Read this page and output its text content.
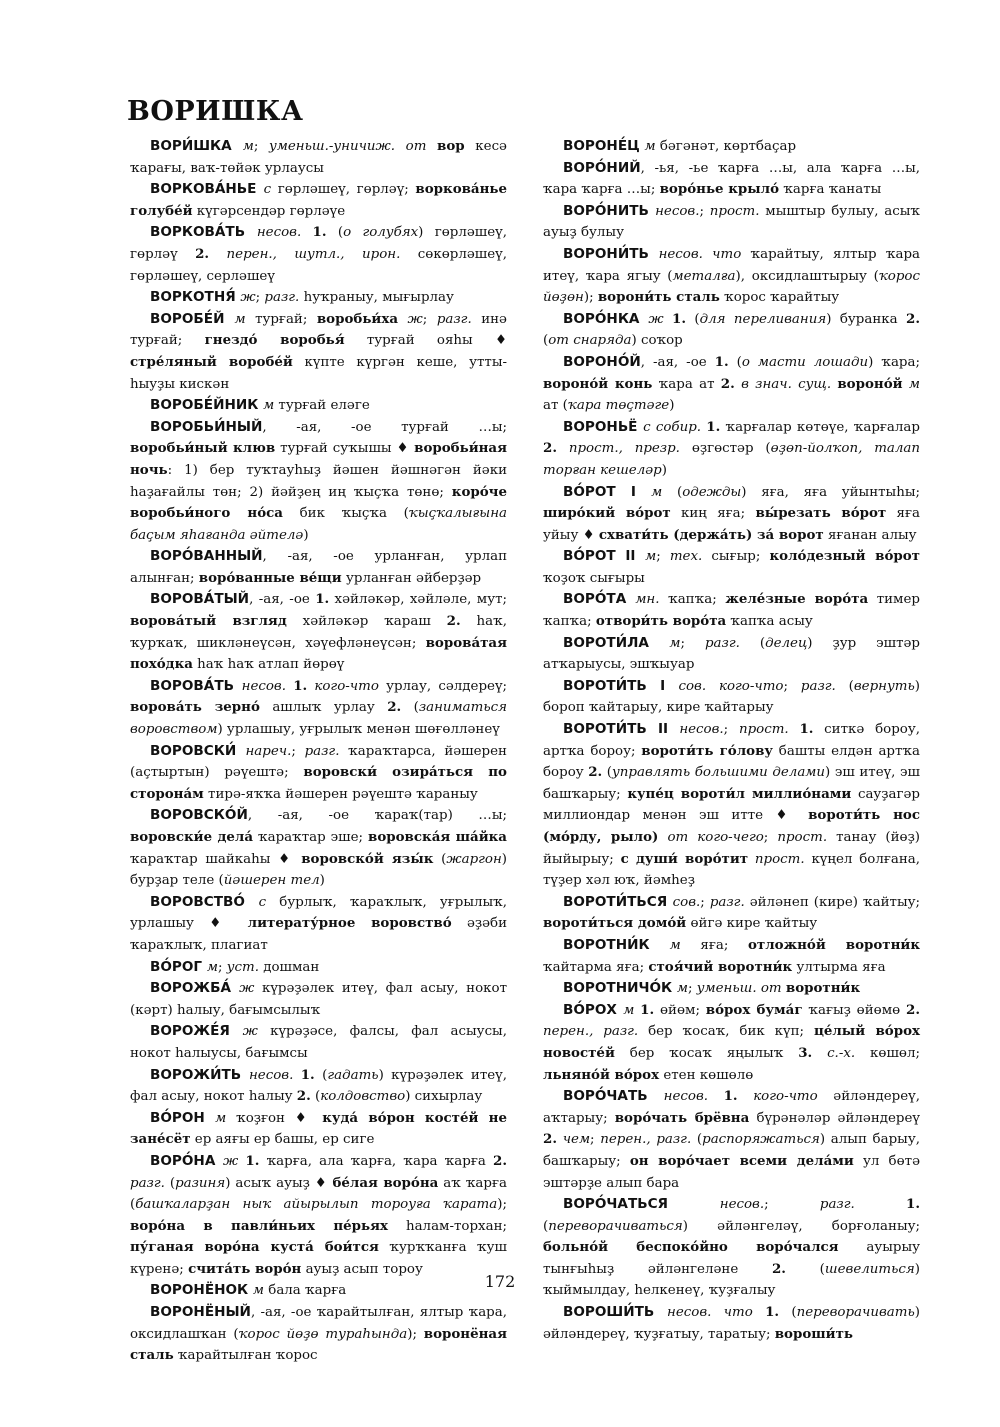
ВОРИШКА

ВОРИ́ШКА м; уменьш.-уничиж. от вор кесә ҡарағы, ваҡ-төйәк урлаусы

ВОРКОВА́НЬЕ с гөрләшеү, гөрләү; воркова́нье голубе́й күгәрсендәр гөрләүе

ВОРКОВА́ТЬ несов. 1. (о голубях) гөрләшеү, гөрләү 2. перен., шутл., ирон. сөкөрләшеү, гөрләшеү, серләшеү

ВОРКОТНЯ́ ж; разг. һуҡраныу, мығырлау

ВОРОБЕ́Й м турғай; воробьи́ха ж; разг. инә турғай; гнездо́ воробья́ турғай ояһы ♦ стре́ляный воробе́й күпте күргән кеше, утты-һыуҙы кискән

ВОРОБЕ́ЙНИК м турғай еләге

ВОРОБЬИ́НЫЙ, -ая, -ое турғай …ы; воробьи́ный клюв турғай суҡышы ♦ воробьи́ная ночь: 1) бер туҡтауһыҙ йәшен йәшнәгән йәки һаҙағайлы төн; 2) йәйҙең иң ҡыҫҡа төнө; коро́че воробьи́ного но́са бик ҡыҫҡа (ҡыҫҡалығына баҫым яһағанда әйтелә)

ВОРО́ВАННЫЙ, -ая, -ое урланған, урлап алынған; воро́ванные ве́щи урланған әйберҙәр

ВОРОВА́ТЫЙ, -ая, -ое 1. хәйләкәр, хәйләле, мут; ворова́тый взгляд хәйләкәр ҡараш 2. һаҡ, ҡурҡаҡ, шикләнеүсән, хәүефләнеүсән; ворова́тая похо́дка һаҡ һаҡ атлап йөрөү

ВОРОВА́ТЬ несов. 1. кого-что урлау, сәлдереү; ворова́ть зерно́ ашлыҡ урлау 2. (заниматься воровством) урлашыу, уғрылыҡ менән шөғөлләнеү

ВОРОВСКИ́ нареч.; разг. ҡараҡтарса, йәшерен (аҫтыртын) рәүештә; воровски́ озира́ться по сторона́м тирә-яҡҡа йәшерен рәүештә ҡараныу

ВОРОВСКО́Й, -ая, -ое ҡараҡ(тар) …ы; воровски́е дела́ ҡараҡтар эше; воровска́я ша́йка ҡараҡтар шайкаһы ♦ воровско́й язы́к (жаргон) бурҙар теле (йәшерен тел)

ВОРОВСТВО́ с бурлыҡ, ҡараҡлыҡ, уғрылыҡ, урлашыу ♦ литерату́рное воровство́ әҙәби ҡараҡлыҡ, плагиат

ВО́РОГ м; уст. дошман

ВОРОЖБА́ ж күрәҙәлек итеү, фал асыу, нокот (кәрт) һалыу, бағымсылыҡ

ВОРОЖЕ́Я ж күрәҙәсе, фалсы, фал асыусы, нокот һалыусы, бағымсы

ВОРОЖИ́ТЬ несов. 1. (гадать) күрәҙәлек итеү, фал асыу, нокот һалыу 2. (колдовство) сихырлау

ВО́РОН м ҡоҙғон ♦ куда́ во́рон косте́й не зане́сёт ер аяғы ер башы, ер сиге

ВОРО́НА ж 1. ҡарға, ала ҡарға, ҡара ҡарға 2. разг. (разиня) асыҡ ауыҙ ♦ бе́лая воро́на аҡ ҡарға (башҡаларҙан ныҡ айырылып тороуға ҡарата); воро́на в павли́ньих пе́рьях һалам-торхан; пу́ганая воро́на куста́ бои́тся ҡурҡҡанға ҡуш күренә; счита́ть воро́н ауыҙ асып тороу

ВОРОНЁНОК м бала ҡарға

ВОРОНЁНЫЙ, -ая, -ое ҡарайтылған, ялтыр ҡара, оксидлашҡан (ҡорос йөҙө тураһында); воронёная сталь ҡарайтылған ҡорос

ВОРОНЕ́Ц м бәгәнәт, көртбаҫар

ВОРО́НИЙ, -ья, -ье ҡарға …ы, ала ҡарға …ы, ҡара ҡарға …ы; воро́нье крыло́ ҡарға ҡанаты

ВОРО́НИТЬ несов.; прост. мыштыр булыу, асыҡ ауыҙ булыу

ВОРОНИ́ТЬ несов. что ҡарайтыу, ялтыр ҡара итеү, ҡара ягыу (металға), оксидлаштырыу (ҡорос йөҙөн); ворони́ть сталь ҡорос ҡарайтыу

ВОРО́НКА ж 1. (для переливания) буранка 2. (от снаряда) соҡор

ВОРОНО́Й, -ая, -ое 1. (о масти лошади) ҡара; вороно́й конь ҡара ат 2. в знач. сущ. вороно́й м ат (ҡара төҫтәге)

ВОРОНЬЁ с собир. 1. ҡарғалар көтөүе, ҡарғалар 2. прост., презр. өҙгөстәр (өҙөп-йолҡоп, талап торған кешеләр)

ВО́РОТ I м (одежды) яға, яға уйынтыһы; широ́кий во́рот киң яға; вы́резать во́рот яға уйыу ♦ схвати́ть (держа́ть) за́ ворот яғанан алыу

ВО́РОТ II м; тех. сығыр; коло́дезный во́рот ҡоҙоҡ сығыры

ВОРО́ТА мн. ҡапҡа; желе́зные воро́та тимер ҡапҡа; отвори́ть воро́та ҡапҡа асыу

ВОРОТИ́ЛА м; разг. (делец) ҙур эштәр атҡарыусы, эшҡыуар

ВОРОТИ́ТЬ I сов. кого-что; разг. (вернуть) бороп ҡайтарыу, кире ҡайтарыу

ВОРОТИ́ТЬ II несов.; прост. 1. ситкә бороу, артҡа бороу; вороти́ть го́лову башты елдән артҡа бороу 2. (управлять большими делами) эш итеү, эш башҡарыу; купе́ц вороти́л миллио́нами сауҙагәр миллиондар менән эш итте ♦ вороти́ть нос (мо́рду, рыло) от кого-чего; прост. танау (йөҙ) йыйырыу; с души́ воро́тит прост. күңел болғана, түҙер хәл юҡ, йәмһеҙ

ВОРОТИ́ТЬСЯ сов.; разг. әйләнеп (кире) ҡайтыу; вороти́ться домо́й өйгә кире ҡайтыу

ВОРОТНИ́К м яға; отложно́й воротни́к ҡайтарма яға; стоя́чий воротни́к ултырма яға

ВОРОТНИЧО́К м; уменьш. от воротни́к

ВО́РОХ м 1. өйөм; во́рох бума́г ҡағыҙ өйөмө 2. перен., разг. бер ҡосаҡ, бик күп; це́лый во́рох новосте́й бер ҡосаҡ яңылыҡ 3. с.-х. көшөл; льняно́й во́рох етен көшөлө

ВОРО́ЧАТЬ несов. 1. кого-что әйләндереү, аҡтарыу; воро́чать брёвна бүрәнәләр әйләндереү 2. чем; перен., разг. (распоряжаться) алып барыу, башҡарыу; он воро́чает всеми дела́ми ул бөтә эштәрҙе алып бара

ВОРО́ЧАТЬСЯ несов.; разг.	1. (переворачиваться) әйләнгеләү, борғоланыу; больно́й беспоко́йно воро́чался ауырыу тынғыһыҙ әйләнгеләне 2. (шевелиться) ҡыймылдау, һелкенеү, ҡуҙғалыу

ВОРОШИ́ТЬ несов. что 1. (переворачивать) әйләндереү, ҡуҙғатыу, таратыу; вороши́ть

172
